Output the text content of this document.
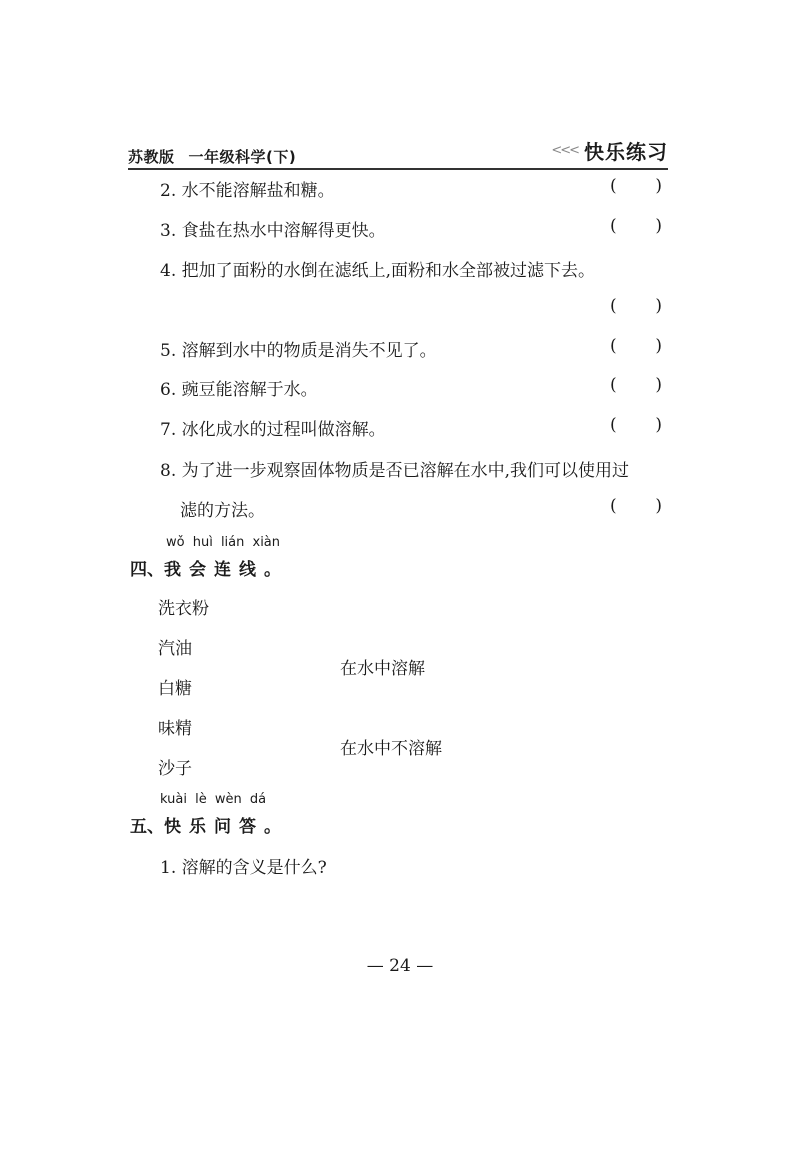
苏教版 一年级科学(下)	<<< 快乐练习
2. 水不能溶解盐和糖。	( )
3. 食盐在热水中溶解得更快。	( )
4. 把加了面粉的水倒在滤纸上,面粉和水全部被过滤下去。
( )
5. 溶解到水中的物质是消失不见了。	( )
6. 豌豆能溶解于水。	( )
7. 冰化成水的过程叫做溶解。	( )
8. 为了进一步观察固体物质是否已溶解在水中,我们可以使用过
滤的方法。	( )
wǒ huì lián xiàn
四、我会连线。
洗衣粉
汽油
白糖
味精
沙子
在水中溶解
在水中不溶解
kuài lè wèn dá
五、快乐问答。
1. 溶解的含义是什么?
— 24 —
